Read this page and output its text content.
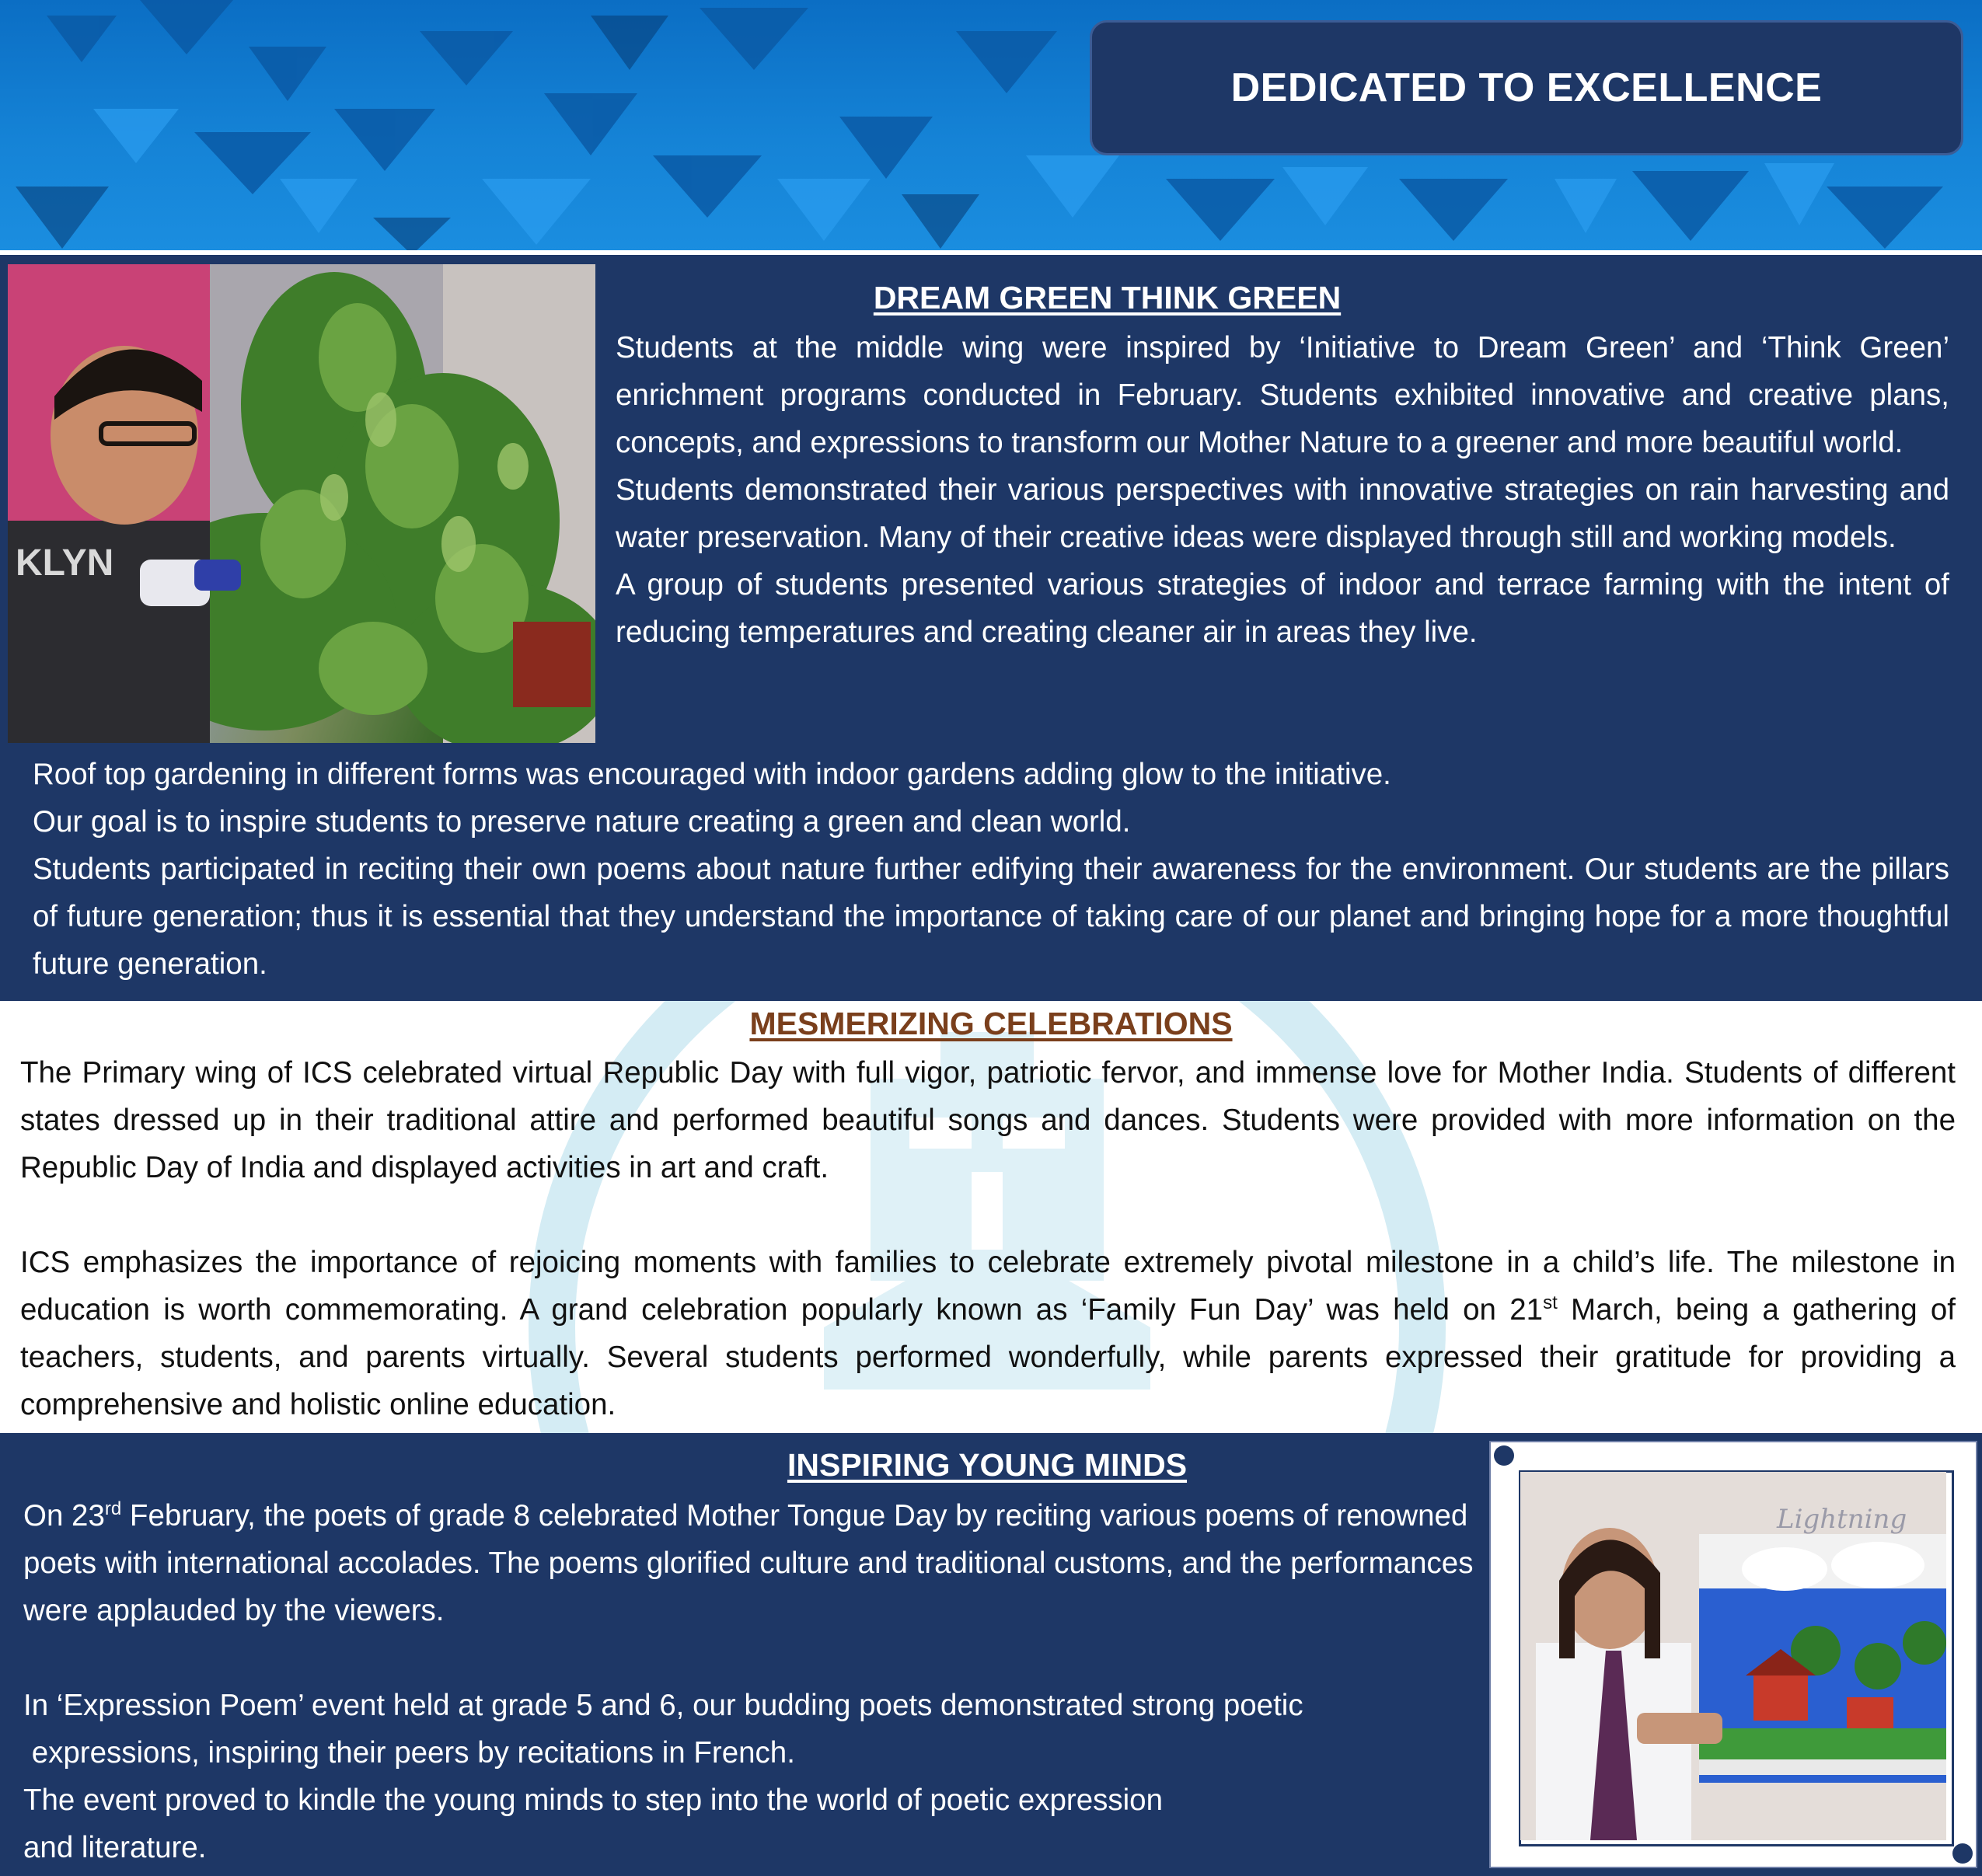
DEDICATED TO EXCELLENCE
KLYN
DREAM GREEN THINK GREEN

Students at the middle wing were inspired by ‘Initiative to Dream Green’ and ‘Think Green’ enrichment programs conducted in February. Students exhibited innovative and creative plans, concepts, and expressions to transform our Mother Nature to a greener and more beautiful world.

Students demonstrated their various perspectives with innovative strategies on rain harvesting and water preservation. Many of their creative ideas were displayed through still and working models.

A group of students presented various strategies of indoor and terrace farming with the intent of reducing temperatures and creating cleaner air in areas they live.

Roof top gardening in different forms was encouraged with indoor gardens adding glow to the initiative.

Our goal is to inspire students to preserve nature creating a green and clean world.

Students participated in reciting their own poems about nature further edifying their awareness for the environment. Our students are the pillars of future generation; thus it is essential that they understand the importance of taking care of our planet and bringing hope for a more thoughtful future generation.

MESMERIZING CELEBRATIONS

The Primary wing of ICS celebrated virtual Republic Day with full vigor, patriotic fervor, and immense love for Mother India. Students of different states dressed up in their traditional attire and performed beautiful songs and dances. Students were provided with more information on the Republic Day of India and displayed activities in art and craft.

ICS emphasizes the importance of rejoicing moments with families to celebrate extremely pivotal milestone in a child’s life. The milestone in education is worth commemorating. A grand celebration popularly known as ‘Family Fun Day’ was held on 21st March, being a gathering of teachers, students, and parents virtually. Several students performed wonderfully, while parents expressed their gratitude for providing a comprehensive and holistic online education.

INSPIRING YOUNG MINDS

On 23rd February, the poets of grade 8 celebrated Mother Tongue Day by reciting various poems of renowned poets with international accolades. The poems glorified culture and traditional customs, and the performances were applauded by the viewers.

In ‘Expression Poem’ event held at grade 5 and 6, our budding poets demonstrated strong poetic

expressions, inspiring their peers by recitations in French.

The event proved to kindle the young minds to step into the world of poetic expression

and literature.

Lightning
